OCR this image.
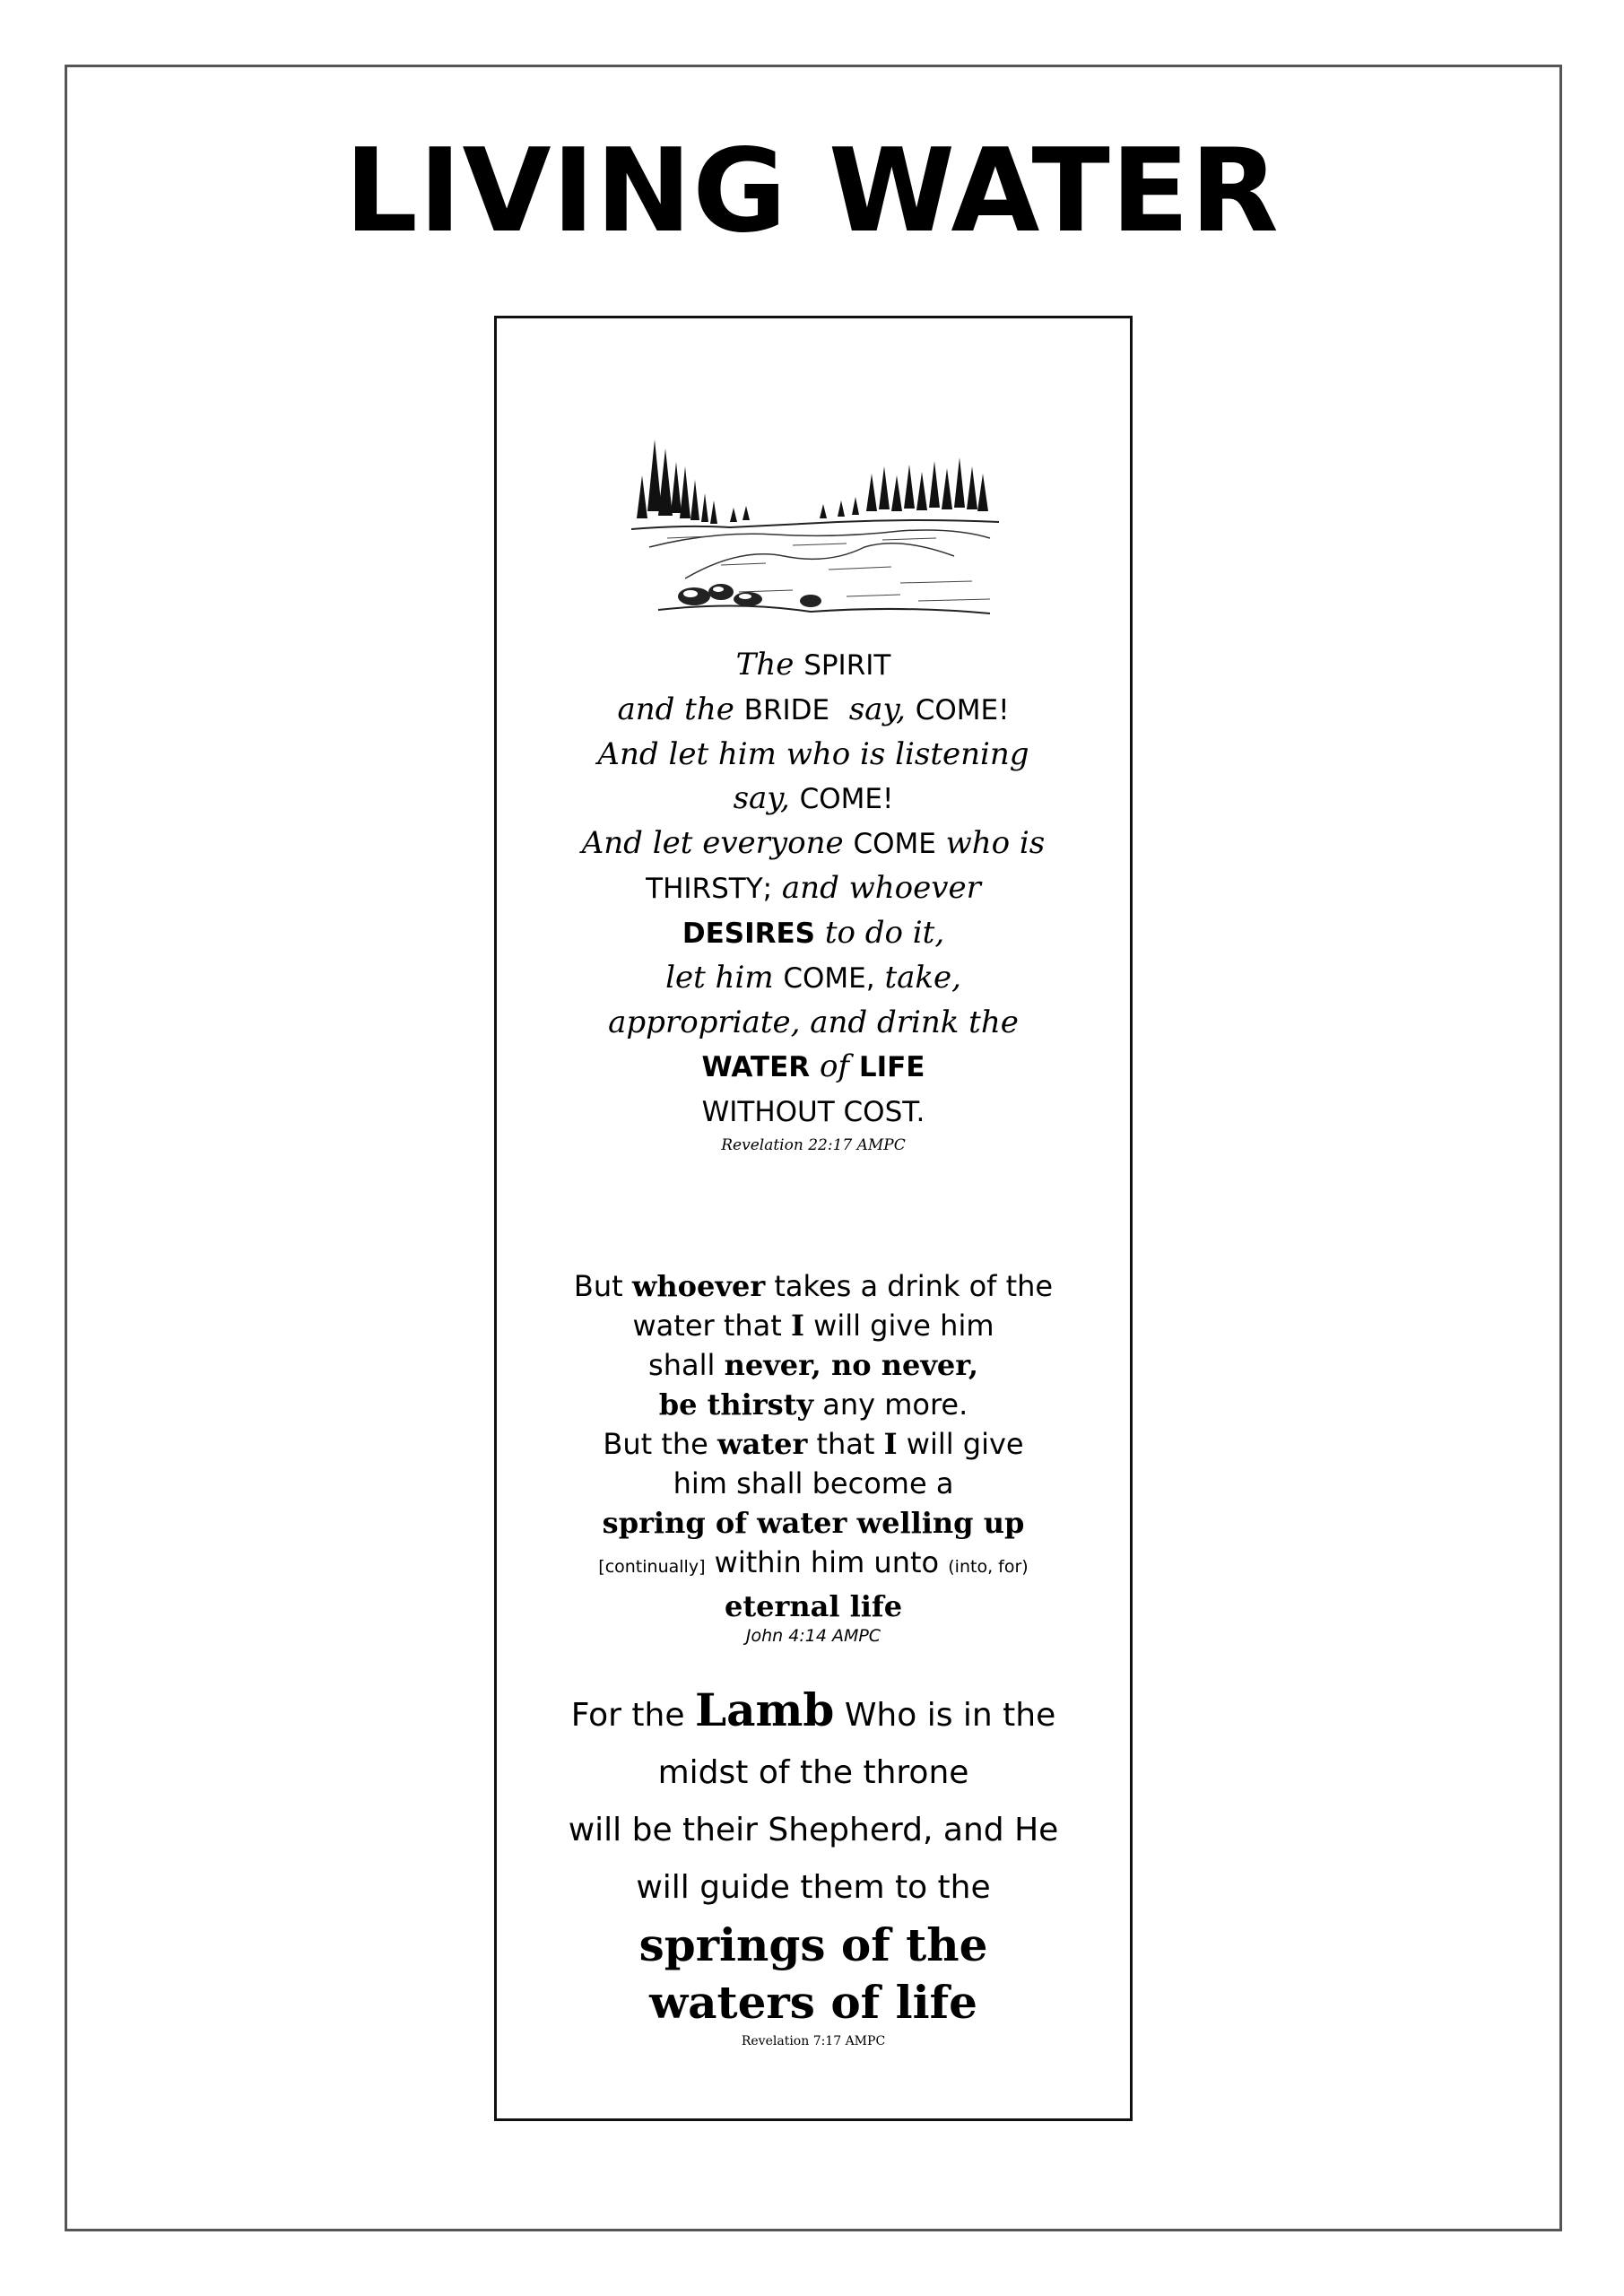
LIVING WATER
The SPIRIT
and the BRIDE say, COME!
And let him who is listening
say, COME!
And let everyone COME who is
THIRSTY; and whoever
DESIRES to do it,
let him COME, take,
appropriate, and drink the
WATER of LIFE
WITHOUT COST.
Revelation 22:17 AMPC
But whoever takes a drink of the
water that I will give him
shall never, no never,
be thirsty any more.
But the water that I will give
him shall become a
spring of water welling up
[continually] within him unto (into, for)
eternal life
John 4:14 AMPC
For the Lamb Who is in the
midst of the throne
will be their Shepherd, and He
will guide them to the
springs of the
waters of life
Revelation 7:17 AMPC
